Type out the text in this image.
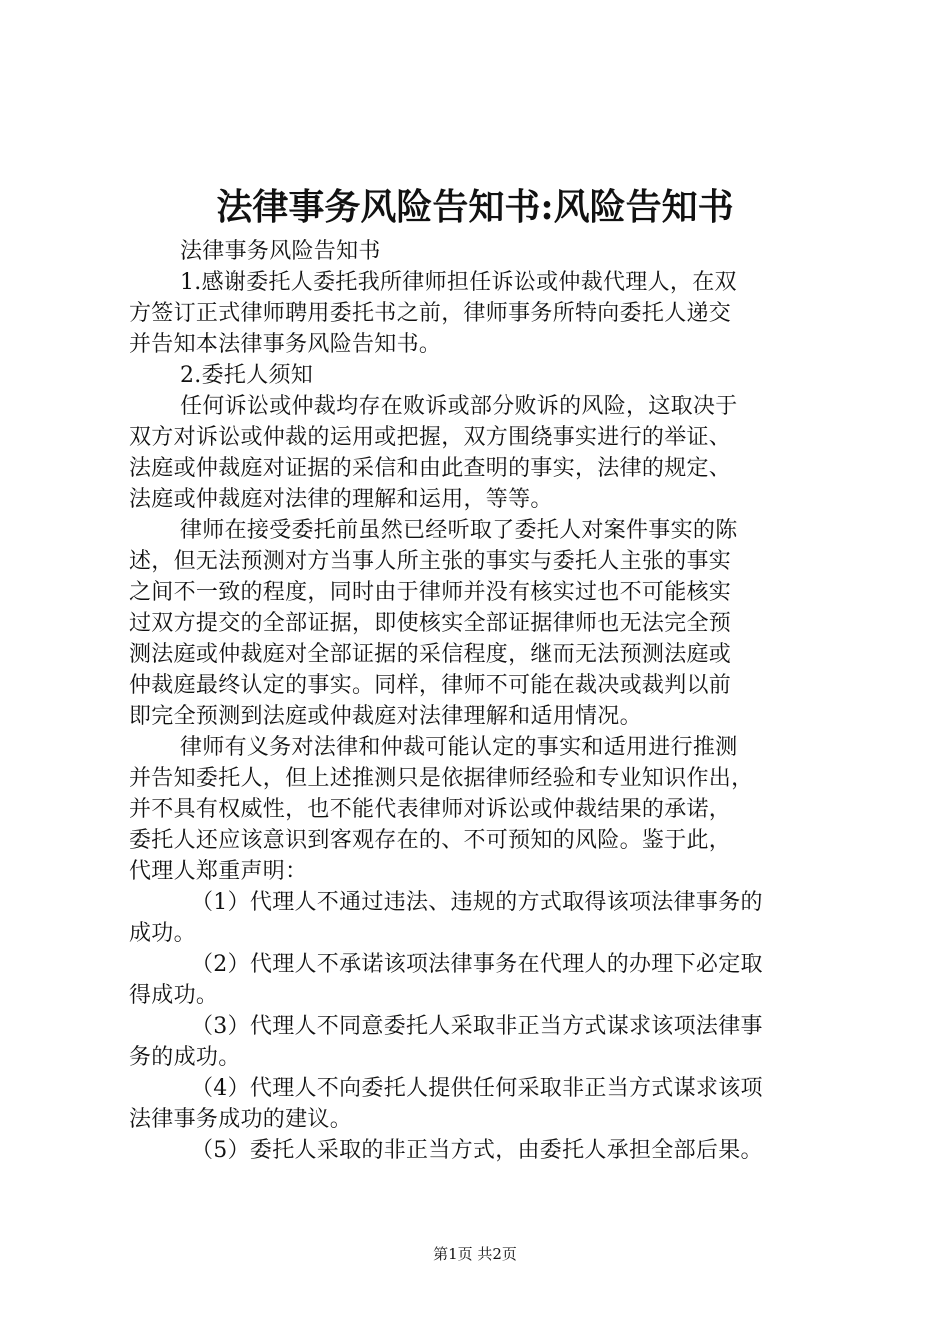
法律事务风险告知书:风险告知书
法律事务风险告知书
1.感谢委托人委托我所律师担任诉讼或仲裁代理人，在双
方签订正式律师聘用委托书之前，律师事务所特向委托人递交
并告知本法律事务风险告知书。
2.委托人须知
任何诉讼或仲裁均存在败诉或部分败诉的风险，这取决于
双方对诉讼或仲裁的运用或把握，双方围绕事实进行的举证、
法庭或仲裁庭对证据的采信和由此查明的事实，法律的规定、
法庭或仲裁庭对法律的理解和运用，等等。
律师在接受委托前虽然已经听取了委托人对案件事实的陈
述，但无法预测对方当事人所主张的事实与委托人主张的事实
之间不一致的程度，同时由于律师并没有核实过也不可能核实
过双方提交的全部证据，即使核实全部证据律师也无法完全预
测法庭或仲裁庭对全部证据的采信程度，继而无法预测法庭或
仲裁庭最终认定的事实。同样，律师不可能在裁决或裁判以前
即完全预测到法庭或仲裁庭对法律理解和适用情况。
律师有义务对法律和仲裁可能认定的事实和适用进行推测
并告知委托人，但上述推测只是依据律师经验和专业知识作出，
并不具有权威性，也不能代表律师对诉讼或仲裁结果的承诺，
委托人还应该意识到客观存在的、不可预知的风险。鉴于此，
代理人郑重声明：
（1）代理人不通过违法、违规的方式取得该项法律事务的
成功。
（2）代理人不承诺该项法律事务在代理人的办理下必定取
得成功。
（3）代理人不同意委托人采取非正当方式谋求该项法律事
务的成功。
（4）代理人不向委托人提供任何采取非正当方式谋求该项
法律事务成功的建议。
（5）委托人采取的非正当方式，由委托人承担全部后果。
第1页 共2页
